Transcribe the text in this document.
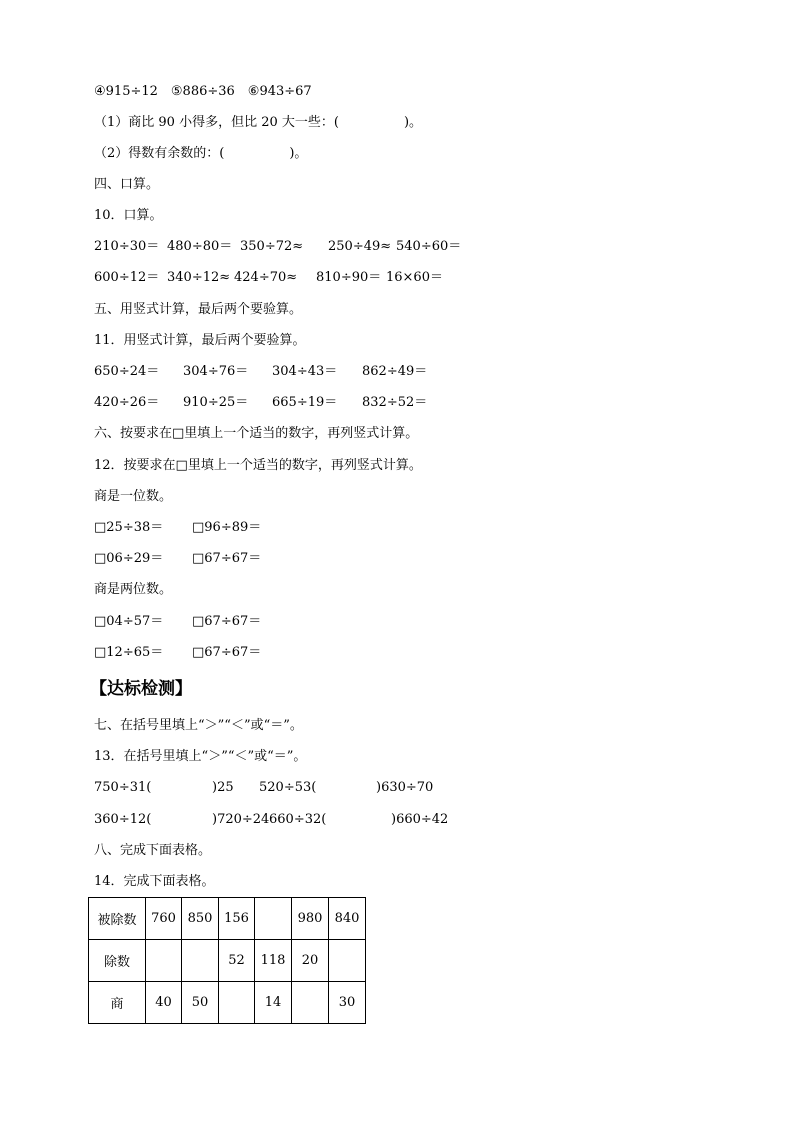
④915÷12　⑤886÷36　⑥943÷67
（1）商比 90 小得多，但比 20 大一些：(　　　　　)。
（2）得数有余数的：(　　　　　)。
四、口算。
10．口算。
210÷30＝ 480÷80＝ 350÷72≈ 250÷49≈ 540÷60＝
600÷12＝ 340÷12≈ 424÷70≈ 810÷90＝ 16×60＝
五、用竖式计算，最后两个要验算。
11．用竖式计算，最后两个要验算。
650÷24＝ 304÷76＝ 304÷43＝ 862÷49＝
420÷26＝ 910÷25＝ 665÷19＝ 832÷52＝
六、按要求在□里填上一个适当的数字，再列竖式计算。
12．按要求在□里填上一个适当的数字，再列竖式计算。
商是一位数。
□25÷38＝ □96÷89＝
□06÷29＝ □67÷67＝
商是两位数。
□04÷57＝ □67÷67＝
□12÷65＝ □67÷67＝
【达标检测】
七、在括号里填上“＞”“＜”或“＝”。
13．在括号里填上“＞”“＜”或“＝”。
750÷31(	)25 520÷53(	)630÷70
360÷12(	)720÷24 660÷32(	)660÷42
八、完成下面表格。
14．完成下面表格。
被除数	760	850	156		980	840
除数			52	118	20	
商	40	50		14		30
